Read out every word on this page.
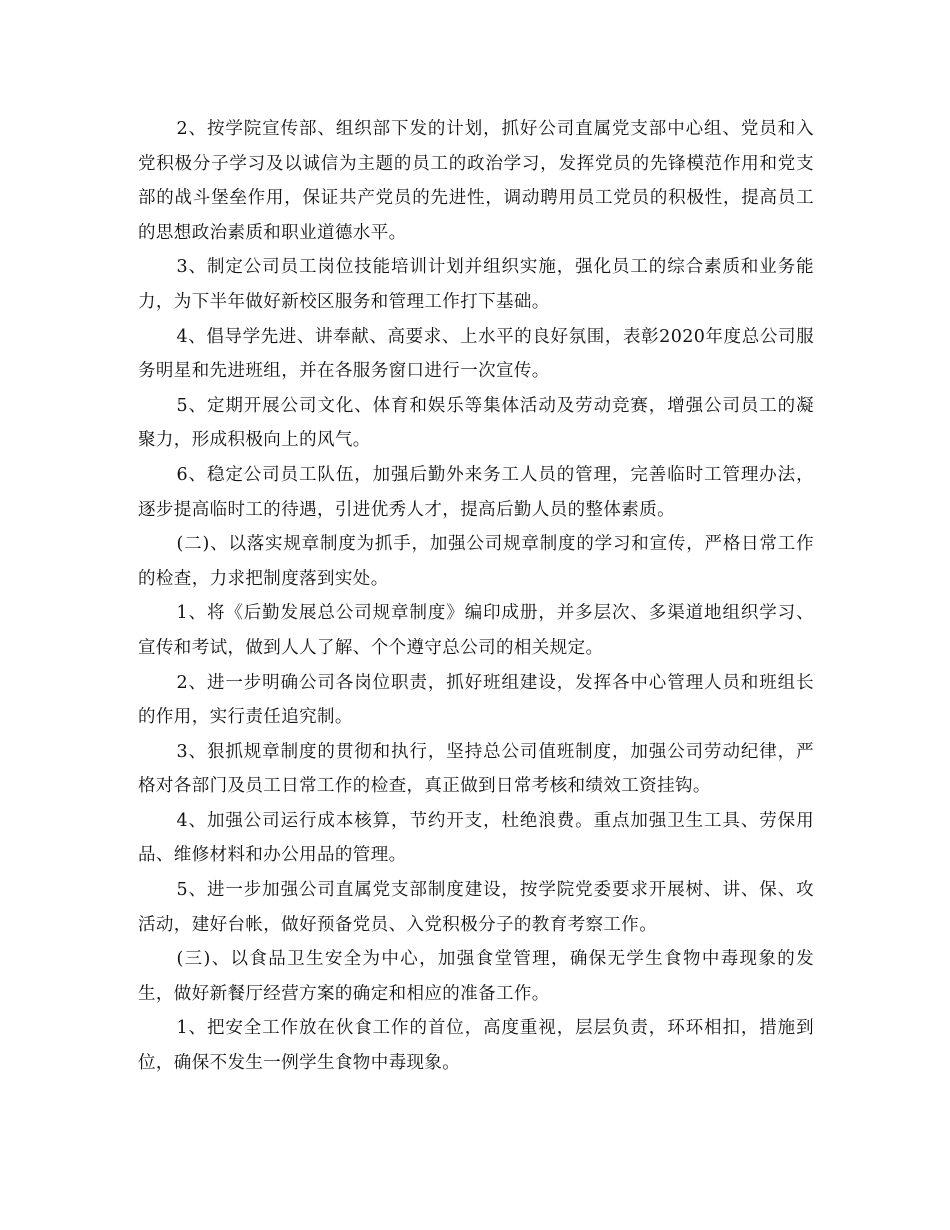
2、按学院宣传部、组织部下发的计划，抓好公司直属党支部中心组、党员和入党积极分子学习及以诚信为主题的员工的政治学习，发挥党员的先锋模范作用和党支部的战斗堡垒作用，保证共产党员的先进性，调动聘用员工党员的积极性，提高员工的思想政治素质和职业道德水平。

3、制定公司员工岗位技能培训计划并组织实施，强化员工的综合素质和业务能力，为下半年做好新校区服务和管理工作打下基础。

4、倡导学先进、讲奉献、高要求、上水平的良好氛围，表彰2020年度总公司服务明星和先进班组，并在各服务窗口进行一次宣传。

5、定期开展公司文化、体育和娱乐等集体活动及劳动竞赛，增强公司员工的凝聚力，形成积极向上的风气。

6、稳定公司员工队伍，加强后勤外来务工人员的管理，完善临时工管理办法，逐步提高临时工的待遇，引进优秀人才，提高后勤人员的整体素质。

(二)、以落实规章制度为抓手，加强公司规章制度的学习和宣传，严格日常工作的检查，力求把制度落到实处。

1、将《后勤发展总公司规章制度》编印成册，并多层次、多渠道地组织学习、宣传和考试，做到人人了解、个个遵守总公司的相关规定。

2、进一步明确公司各岗位职责，抓好班组建设，发挥各中心管理人员和班组长的作用，实行责任追究制。

3、狠抓规章制度的贯彻和执行，坚持总公司值班制度，加强公司劳动纪律，严格对各部门及员工日常工作的检查，真正做到日常考核和绩效工资挂钩。

4、加强公司运行成本核算，节约开支，杜绝浪费。重点加强卫生工具、劳保用品、维修材料和办公用品的管理。

5、进一步加强公司直属党支部制度建设，按学院党委要求开展树、讲、保、攻活动，建好台帐，做好预备党员、入党积极分子的教育考察工作。

(三)、以食品卫生安全为中心，加强食堂管理，确保无学生食物中毒现象的发生，做好新餐厅经营方案的确定和相应的准备工作。

1、把安全工作放在伙食工作的首位，高度重视，层层负责，环环相扣，措施到位，确保不发生一例学生食物中毒现象。
